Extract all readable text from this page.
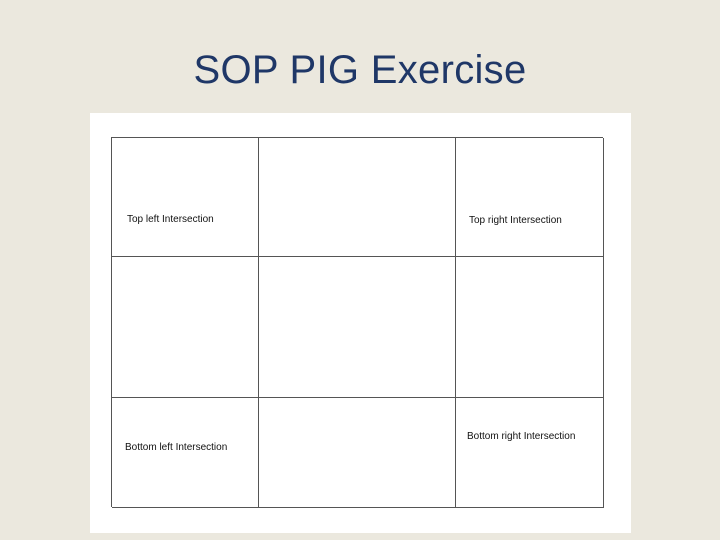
SOP PIG Exercise
Top left Intersection	Top right Intersection
Bottom left Intersection
Bottom right Intersection
